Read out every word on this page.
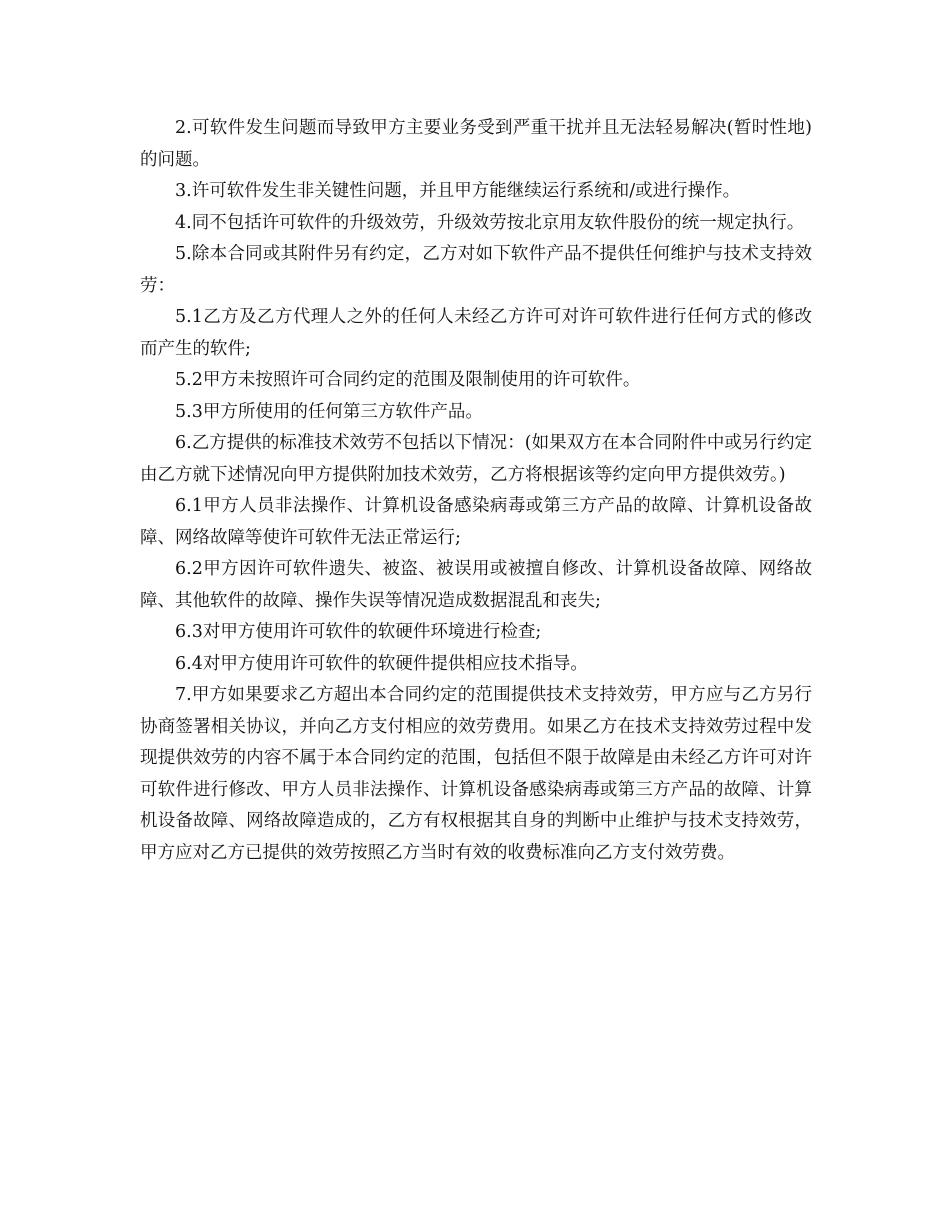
2.可软件发生问题而导致甲方主要业务受到严重干扰并且无法轻易解决(暂时性地)的问题。

3.许可软件发生非关键性问题，并且甲方能继续运行系统和/或进行操作。

4.同不包括许可软件的升级效劳，升级效劳按北京用友软件股份的统一规定执行。

5.除本合同或其附件另有约定，乙方对如下软件产品不提供任何维护与技术支持效劳：

5.1乙方及乙方代理人之外的任何人未经乙方许可对许可软件进行任何方式的修改而产生的软件;

5.2甲方未按照许可合同约定的范围及限制使用的许可软件。

5.3甲方所使用的任何第三方软件产品。

6.乙方提供的标准技术效劳不包括以下情况：(如果双方在本合同附件中或另行约定由乙方就下述情况向甲方提供附加技术效劳，乙方将根据该等约定向甲方提供效劳。)

6.1甲方人员非法操作、计算机设备感染病毒或第三方产品的故障、计算机设备故障、网络故障等使许可软件无法正常运行;

6.2甲方因许可软件遗失、被盗、被误用或被擅自修改、计算机设备故障、网络故障、其他软件的故障、操作失误等情况造成数据混乱和丧失;

6.3对甲方使用许可软件的软硬件环境进行检查;

6.4对甲方使用许可软件的软硬件提供相应技术指导。

7.甲方如果要求乙方超出本合同约定的范围提供技术支持效劳，甲方应与乙方另行协商签署相关协议，并向乙方支付相应的效劳费用。如果乙方在技术支持效劳过程中发现提供效劳的内容不属于本合同约定的范围，包括但不限于故障是由未经乙方许可对许可软件进行修改、甲方人员非法操作、计算机设备感染病毒或第三方产品的故障、计算机设备故障、网络故障造成的，乙方有权根据其自身的判断中止维护与技术支持效劳，甲方应对乙方已提供的效劳按照乙方当时有效的收费标准向乙方支付效劳费。
